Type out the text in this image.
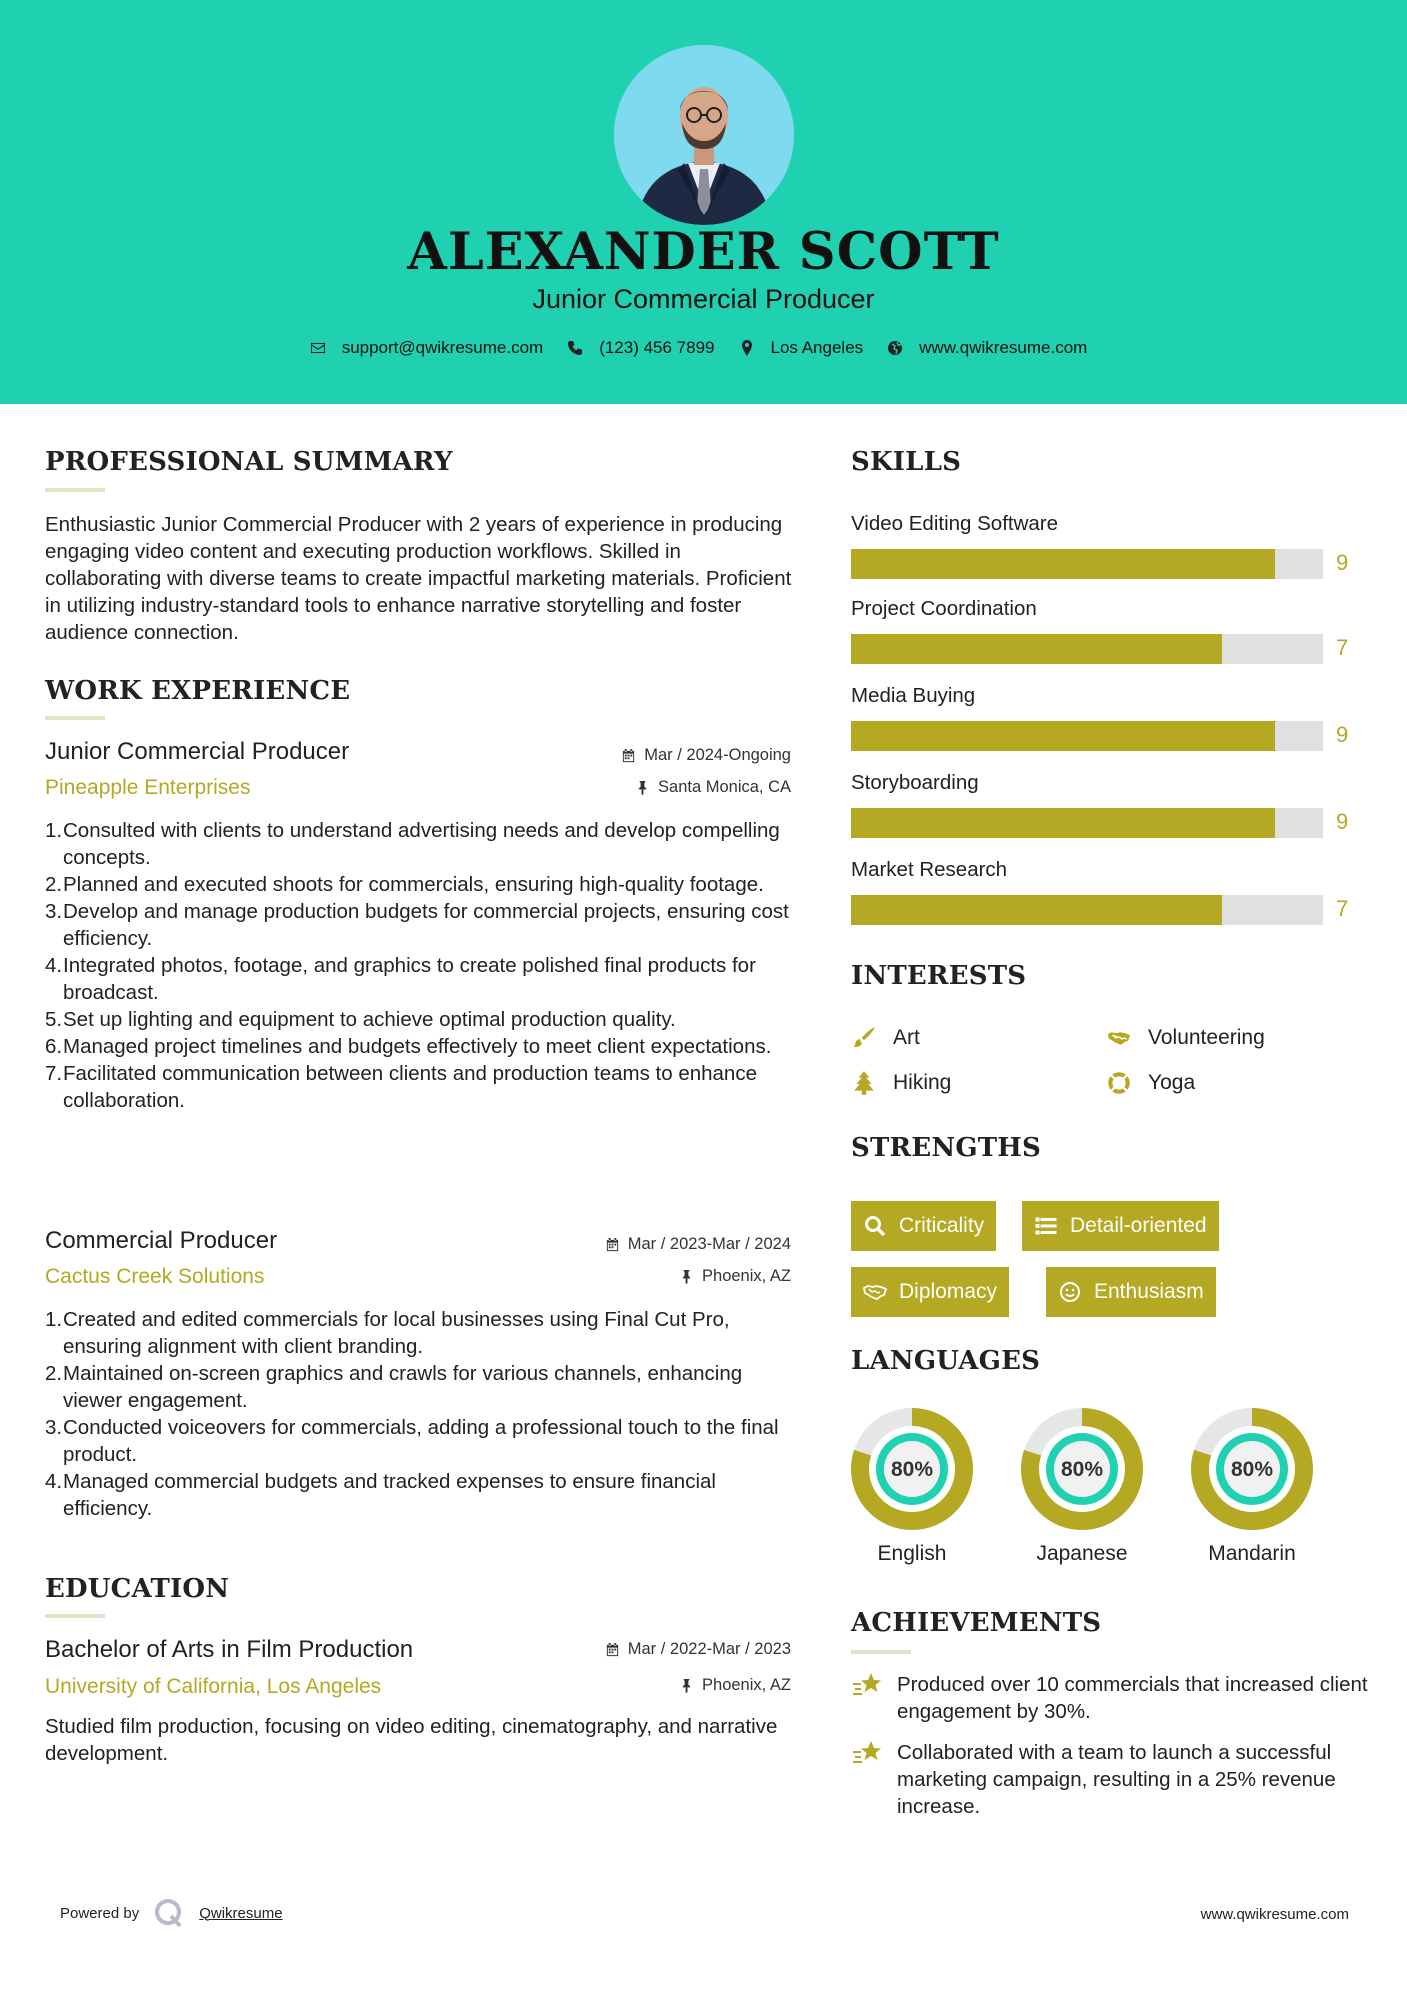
ALEXANDER SCOTT
Junior Commercial Producer
support@qwikresume.com	(123) 456 7899	Los Angeles	www.qwikresume.com
PROFESSIONAL SUMMARY
Enthusiastic Junior Commercial Producer with 2 years of experience in producing engaging video content and executing production workflows. Skilled in collaborating with diverse teams to create impactful marketing materials. Proficient in utilizing industry-standard tools to enhance narrative storytelling and foster audience connection.
WORK EXPERIENCE
Junior Commercial Producer	Mar / 2024-Ongoing
Pineapple Enterprises	Santa Monica, CA
1. Consulted with clients to understand advertising needs and develop compelling concepts.
2. Planned and executed shoots for commercials, ensuring high-quality footage.
3. Develop and manage production budgets for commercial projects, ensuring cost efficiency.
4. Integrated photos, footage, and graphics to create polished final products for broadcast.
5. Set up lighting and equipment to achieve optimal production quality.
6. Managed project timelines and budgets effectively to meet client expectations.
7. Facilitated communication between clients and production teams to enhance collaboration.
Commercial Producer	Mar / 2023-Mar / 2024
Cactus Creek Solutions	Phoenix, AZ
1. Created and edited commercials for local businesses using Final Cut Pro, ensuring alignment with client branding.
2. Maintained on-screen graphics and crawls for various channels, enhancing viewer engagement.
3. Conducted voiceovers for commercials, adding a professional touch to the final product.
4. Managed commercial budgets and tracked expenses to ensure financial efficiency.
EDUCATION
Bachelor of Arts in Film Production	Mar / 2022-Mar / 2023
University of California, Los Angeles	Phoenix, AZ
Studied film production, focusing on video editing, cinematography, and narrative development.
SKILLS
Video Editing Software
9
Project Coordination
7
Media Buying
9
Storyboarding
9
Market Research
7
INTERESTS
Art	Volunteering
Hiking	Yoga
STRENGTHS
Criticality	Detail-oriented
Diplomacy	Enthusiasm
LANGUAGES
80%
English
80%
Japanese
80%
Mandarin
ACHIEVEMENTS
Produced over 10 commercials that increased client engagement by 30%.
Collaborated with a team to launch a successful marketing campaign, resulting in a 25% revenue increase.
Powered by	Qwikresume	www.qwikresume.com
